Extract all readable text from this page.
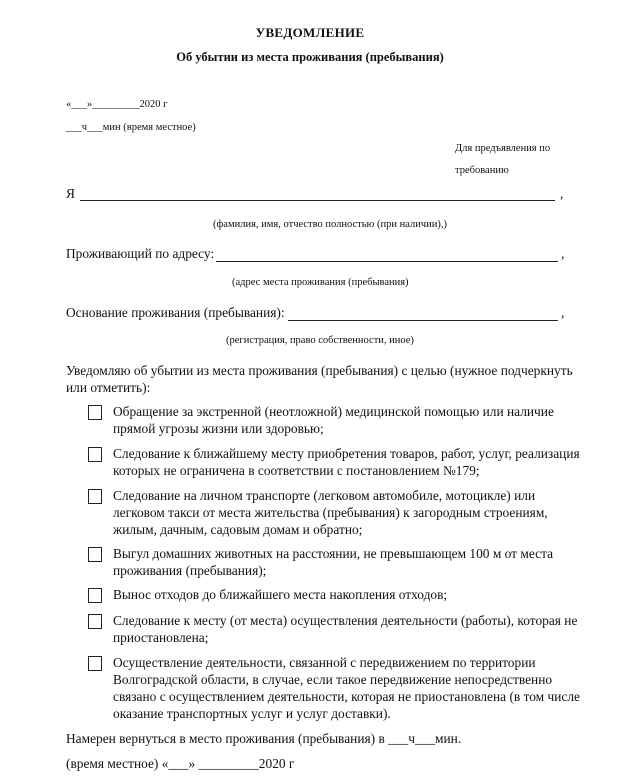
УВЕДОМЛЕНИЕ
Об убытии из места проживания (пребывания)
«___»_________2020 г
___ч___мин (время местное)
Для предъявления по
требованию
Я	,
(фамилия, имя, отчество полностью (при наличии),)
Проживающий по адресу:	,
(адрес места проживания (пребывания)
Основание проживания (пребывания):	,
(регистрация, право собственности, иное)
Уведомляю об убытии из места проживания (пребывания) с целью (нужное подчеркнуть
или отметить):
Обращение за экстренной (неотложной) медицинской помощью или наличие
прямой угрозы жизни или здоровью;
Следование к ближайшему месту приобретения товаров, работ, услуг, реализация
которых не ограничена в соответствии с постановлением №179;
Следование на личном транспорте (легковом автомобиле, мотоцикле) или
легковом такси от места жительства (пребывания) к загородным строениям,
жилым, дачным, садовым домам и обратно;
Выгул домашних животных на расстоянии, не превышающем 100 м от места
проживания (пребывания);
Вынос отходов до ближайшего места накопления отходов;
Следование к месту (от места) осуществления деятельности (работы), которая не
приостановлена;
Осуществление деятельности, связанной с передвижением по территории
Волгоградской области, в случае, если такое передвижение непосредственно
связано с осуществлением деятельности, которая не приостановлена (в том числе
оказание транспортных услуг и услуг доставки).
Намерен вернуться в место проживания (пребывания) в ___ч___мин.
(время местное) «___» _________2020 г
